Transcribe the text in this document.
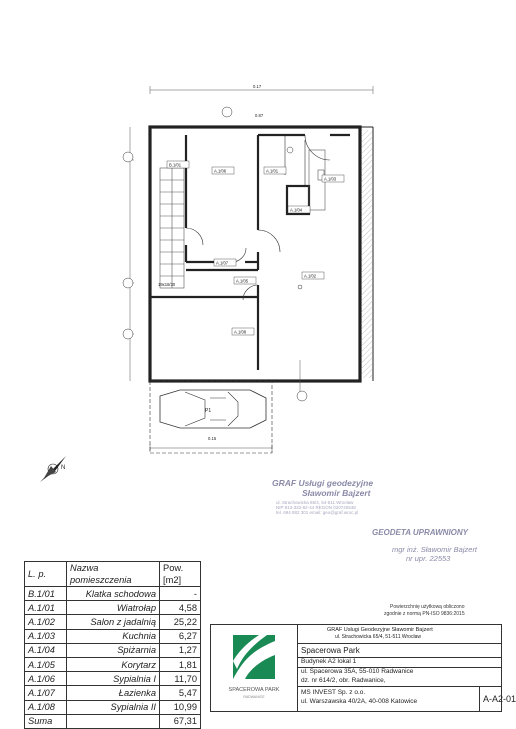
A.1/06	A.1/01
B.1/01
A.1/03
A.1/04
A.1/07
A.1/05
A.1/02
A.1/08
19x18/30
P1
0.17
0.87
0.15
N
GRAF Usługi geodezyjne
Sławomir Bajzert
ul. Strachowicka 65/4, 54-511 Wrocław
NIP 913-332-82-44 REGON 020740548
tel. 694 882 301 email: geo@graf.wroc.pl
GEODETA UPRAWNIONY
mgr inż. Sławomir Bajzert
nr upr. 22553
L. p.	Nazwa pomieszczenia	Pow. [m2]
B.1/01	Klatka schodowa	-
A.1/01	Wiatrołap	4,58
A.1/02	Salon z jadalnią	25,22
A.1/03	Kuchnia	6,27
A.1/04	Spiżarnia	1,27
A.1/05	Korytarz	1,81
A.1/06	Sypialnia I	11,70
A.1/07	Łazienka	5,47
A.1/08	Sypialnia II	10,99
Suma		67,31
Powierzchnię użytkową obliczono
zgodnie z normą PN-ISO 9836:2015
SPACEROWA PARK
RADWANICE
GRAF Usługi Geodezyjne Sławomir Bajzert
ul. Strachowicka 65/4, 51-511 Wrocław
Spacerowa Park
Budynek A2 lokal 1
ul. Spacerowa 35A, 55-010 Radwanice
dz. nr 614/2, obr. Radwanice,
MS INVEST Sp. z o.o.
ul. Warszawska 40/2A, 40-008 Katowice	A-A2-01
